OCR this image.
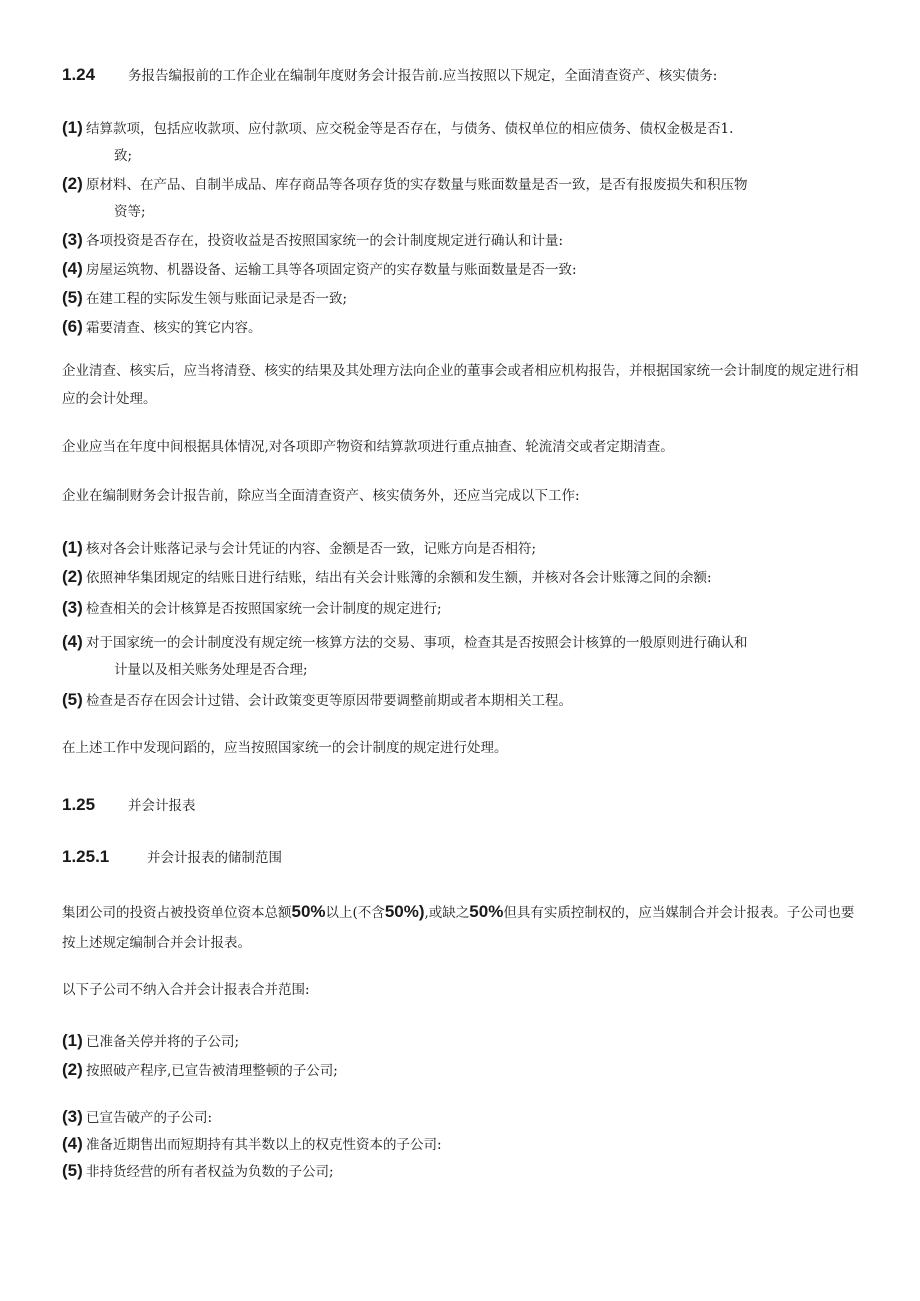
1.24 务报告编报前的工作企业在编制年度财务会计报告前.应当按照以下规定，全面清查资产、核实债务:
(1) 结算款项，包括应收款项、应付款项、应交税金等是否存在，与债务、债权单位的相应债务、债权金极是否1.
致;
(2) 原材料、在产品、自制半成品、库存商品等各项存货的实存数量与账面数量是否一致，是否有报废损失和积压物
资等;
(3) 各项投资是否存在，投资收益是否按照国家统一的会计制度规定迸行确认和计量:
(4) 房屋运筑物、机器设备、运输工具等各项固定资产的实存数量与账面数量是否一致:
(5) 在建工程的实际发生领与账面记录是否一致;
(6) 霜要清查、核实的箕它内容。
企业清查、核实后，应当将清登、核实的结果及其处理方法向企业的董事会或者相应机构报告，并根据国家统一会计制度的规定进行相应的会计处理。
企业应当在年度中间根据具体情况,对各项即产物资和结算款项进行重点抽查、轮流清交或者定期清查。
企业在编制财务会计报告前，除应当全面清查资产、核实债务外，还应当完成以下工作:
(1) 核对各会计账落记录与会计凭证的内容、金额是否一致，记账方向是否相符;
(2) 依照神华集团规定的结账日进行结账，结出有关会计账簿的余额和发生额，并核对各会计账簿之间的余额:
(3) 检查相关的会计核算是否按照国家统一会计制度的规定进行;
(4) 对于国家统一的会计制度没有规定统一核算方法的交易、事项，检查其是否按照会计核算的一般原则进行确认和
计量以及相关账务处理是否合理;
(5) 检查是否存在因会计过错、会计政策变更等原因带要调整前期或者本期相关工程。
在上述工作中发现问蹈的，应当按照国家统一的会计制度的规定进行处理。
1.25 并会计报表
1.25.1	并会计报表的储制范围
集团公司的投资占被投资单位资本总额50%以上(不含50%),或缺之50%但具有实质控制权的，应当媒制合并会计报表。子公司也要按上述规定编制合并会计报表。
以下子公司不纳入合并会计报表合并范围:
(1) 已准备关停并将的子公司;
(2) 按照破产程序,已宣告被清理整顿的子公司;
(3) 已宣告破产的子公司:
(4) 准备近期售出而短期持有其半数以上的权克性资本的子公司:
(5) 非持货经营的所有者权益为负数的子公司;
